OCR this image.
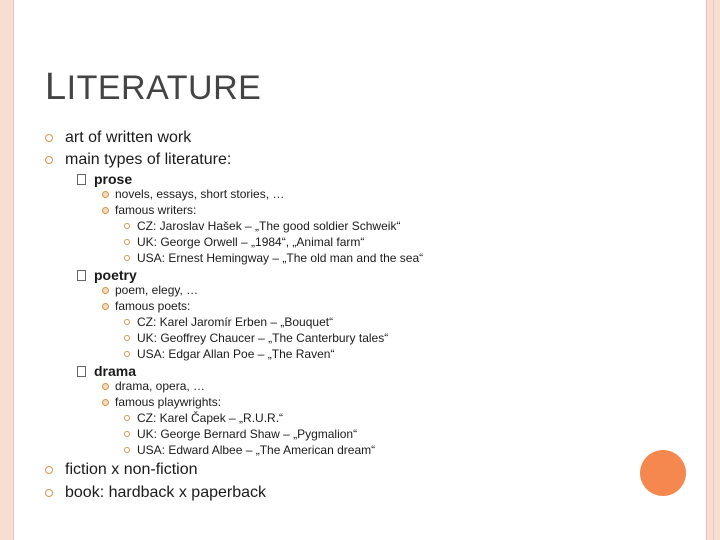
LITERATURE
art of written work
main types of literature:
prose
novels, essays, short stories, …
famous writers:
CZ: Jaroslav Hašek – „The good soldier Schweik“
UK: George Orwell – „1984“, „Animal farm“
USA: Ernest Hemingway – „The old man and the sea“
poetry
poem, elegy, …
famous poets:
CZ: Karel Jaromír Erben – „Bouquet“
UK: Geoffrey Chaucer – „The Canterbury tales“
USA: Edgar Allan Poe – „The Raven“
drama
drama, opera, …
famous playwrights:
CZ: Karel Čapek – „R.U.R.“
UK: George Bernard Shaw – „Pygmalion“
USA: Edward Albee – „The American dream“
fiction x non-fiction
book: hardback x paperback
